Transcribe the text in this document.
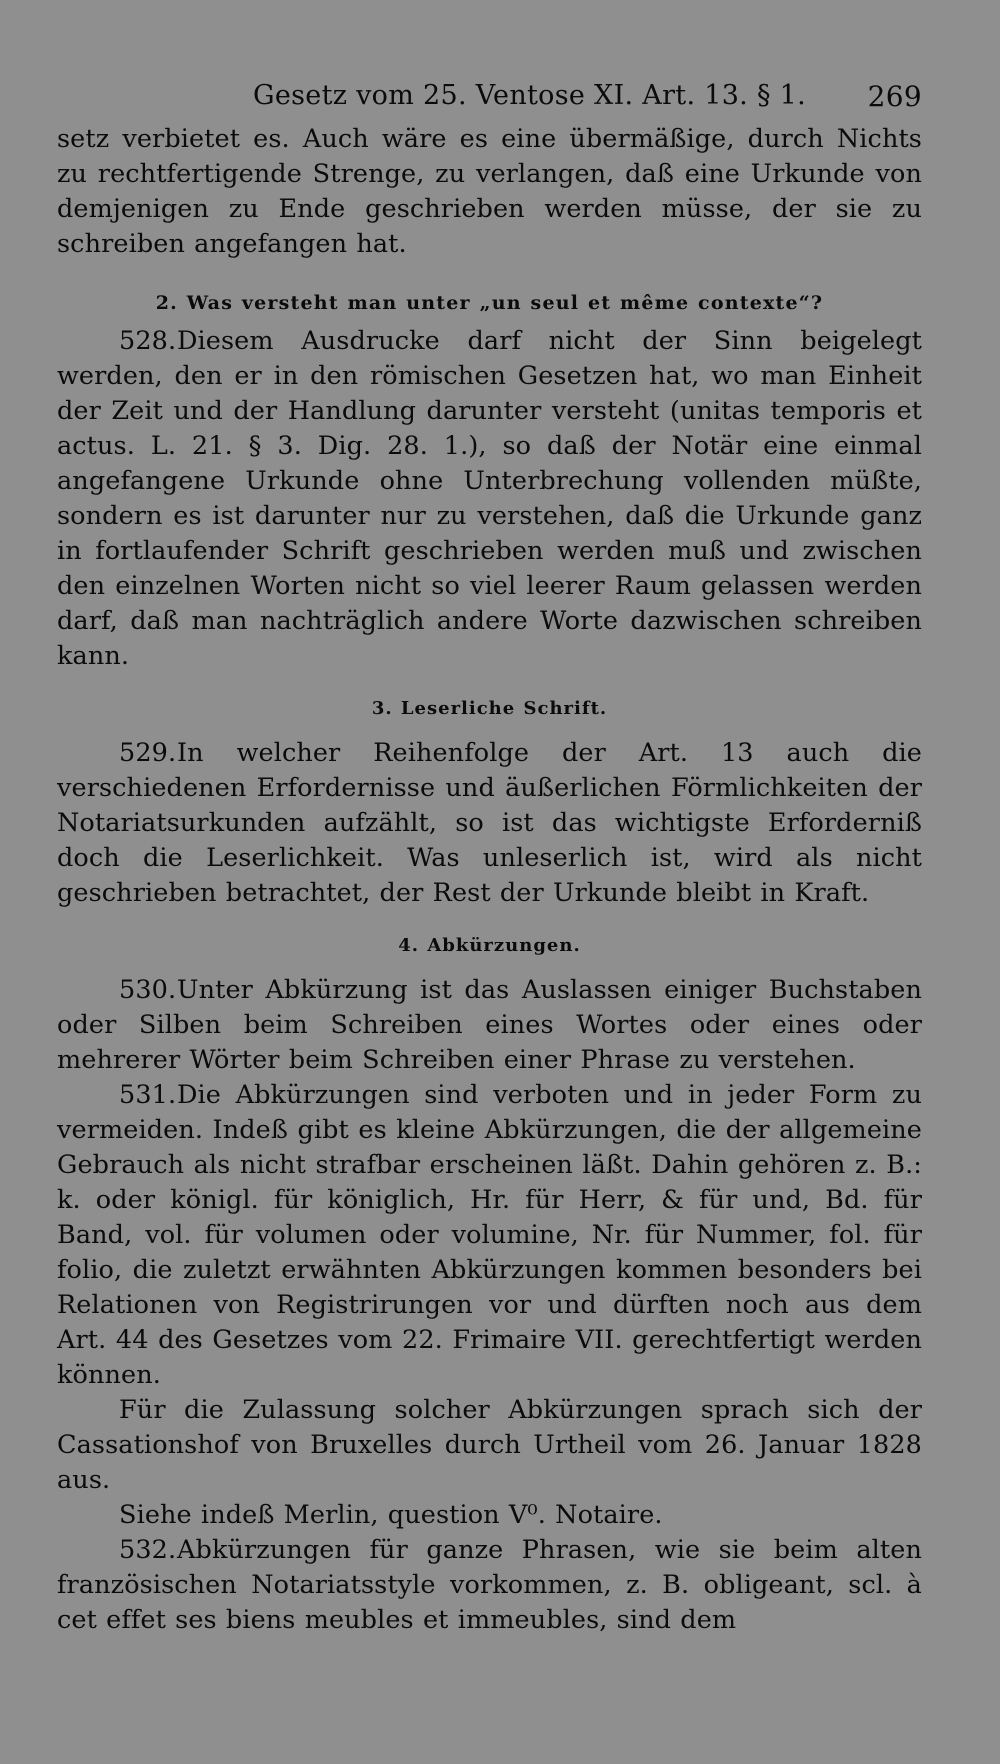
Gesetz vom 25. Ventose XI. Art. 13. § 1. 269

setz verbietet es. Auch wäre es eine übermäßige, durch Nichts zu rechtfertigende Strenge, zu verlangen, daß eine Urkunde von demjenigen zu Ende geschrieben werden müsse, der sie zu schreiben angefangen hat.

2. Was versteht man unter „un seul et même contexte“?

528.Diesem Ausdrucke darf nicht der Sinn beigelegt werden, den er in den römischen Gesetzen hat, wo man Einheit der Zeit und der Handlung darunter versteht (unitas temporis et actus. L. 21. § 3. Dig. 28. 1.), so daß der Notär eine einmal angefangene Urkunde ohne Unterbrechung vollenden müßte, sondern es ist darunter nur zu verstehen, daß die Urkunde ganz in fortlaufender Schrift geschrieben werden muß und zwischen den einzelnen Worten nicht so viel leerer Raum gelassen werden darf, daß man nachträglich andere Worte dazwischen schreiben kann.

3. Leserliche Schrift.

529.In welcher Reihenfolge der Art. 13 auch die verschiedenen Erfordernisse und äußerlichen Förmlichkeiten der Notariatsurkunden aufzählt, so ist das wichtigste Erforderniß doch die Leserlichkeit. Was unleserlich ist, wird als nicht geschrieben betrachtet, der Rest der Urkunde bleibt in Kraft.

4. Abkürzungen.

530.Unter Abkürzung ist das Auslassen einiger Buchstaben oder Silben beim Schreiben eines Wortes oder eines oder mehrerer Wörter beim Schreiben einer Phrase zu verstehen.

531.Die Abkürzungen sind verboten und in jeder Form zu vermeiden. Indeß gibt es kleine Abkürzungen, die der allgemeine Gebrauch als nicht strafbar erscheinen läßt. Dahin gehören z. B.: k. oder königl. für königlich, Hr. für Herr, & für und, Bd. für Band, vol. für volumen oder volumine, Nr. für Nummer, fol. für folio, die zuletzt erwähnten Abkürzungen kommen besonders bei Relationen von Registrirungen vor und dürften noch aus dem Art. 44 des Gesetzes vom 22. Frimaire VII. gerechtfertigt werden können.

Für die Zulassung solcher Abkürzungen sprach sich der Cassationshof von Bruxelles durch Urtheil vom 26. Januar 1828 aus.

Siehe indeß Merlin, question V⁰. Notaire.

532.Abkürzungen für ganze Phrasen, wie sie beim alten französischen Notariatsstyle vorkommen, z. B. obligeant, scl. à cet effet ses biens meubles et immeubles, sind dem
